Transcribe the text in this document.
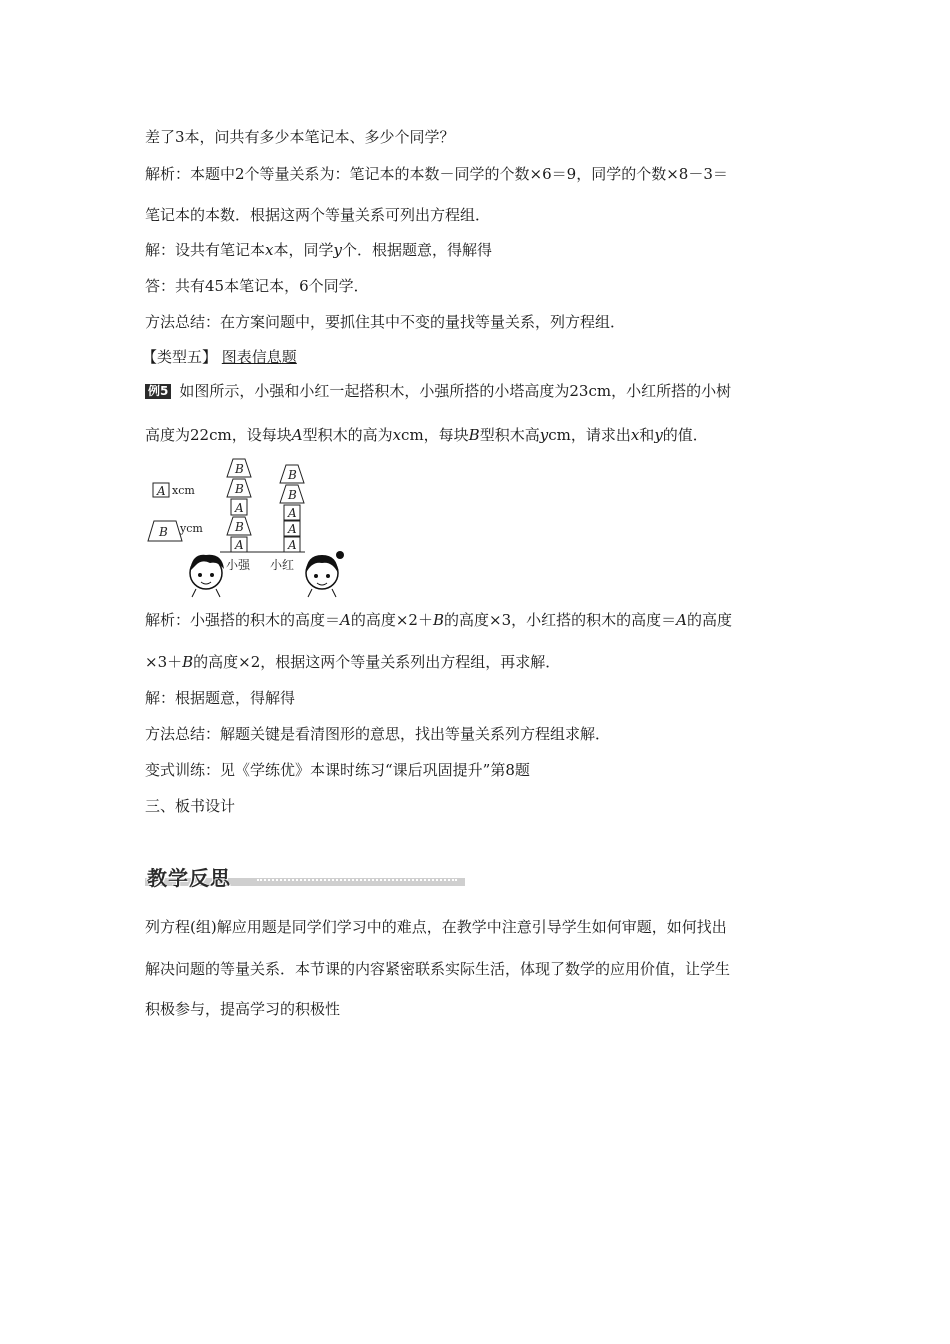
差了3本，问共有多少本笔记本、多少个同学？
解析：本题中2个等量关系为：笔记本的本数－同学的个数×6＝9，同学的个数×8－3＝
笔记本的本数．根据这两个等量关系可列出方程组．
解：设共有笔记本x本，同学y个．根据题意，得解得
答：共有45本笔记本，6个同学．
方法总结：在方案问题中，要抓住其中不变的量找等量关系，列方程组．
【类型五】 图表信息题
例5 如图所示，小强和小红一起搭积木，小强所搭的小塔高度为23cm，小红所搭的小树
高度为22cm，设每块A型积木的高为xcm，每块B型积木高ycm，请求出x和y的值．
A xcm
B ycm
B
B
A
B
A
B
B
A
A
A
小强 小红
解析：小强搭的积木的高度＝A的高度×2＋B的高度×3，小红搭的积木的高度＝A的高度
×3＋B的高度×2，根据这两个等量关系列出方程组，再求解．
解：根据题意，得解得
方法总结：解题关键是看清图形的意思，找出等量关系列方程组求解．
变式训练：见《学练优》本课时练习“课后巩固提升”第8题
三、板书设计
教学反思
列方程(组)解应用题是同学们学习中的难点，在教学中注意引导学生如何审题，如何找出
解决问题的等量关系．本节课的内容紧密联系实际生活，体现了数学的应用价值，让学生
积极参与，提高学习的积极性
